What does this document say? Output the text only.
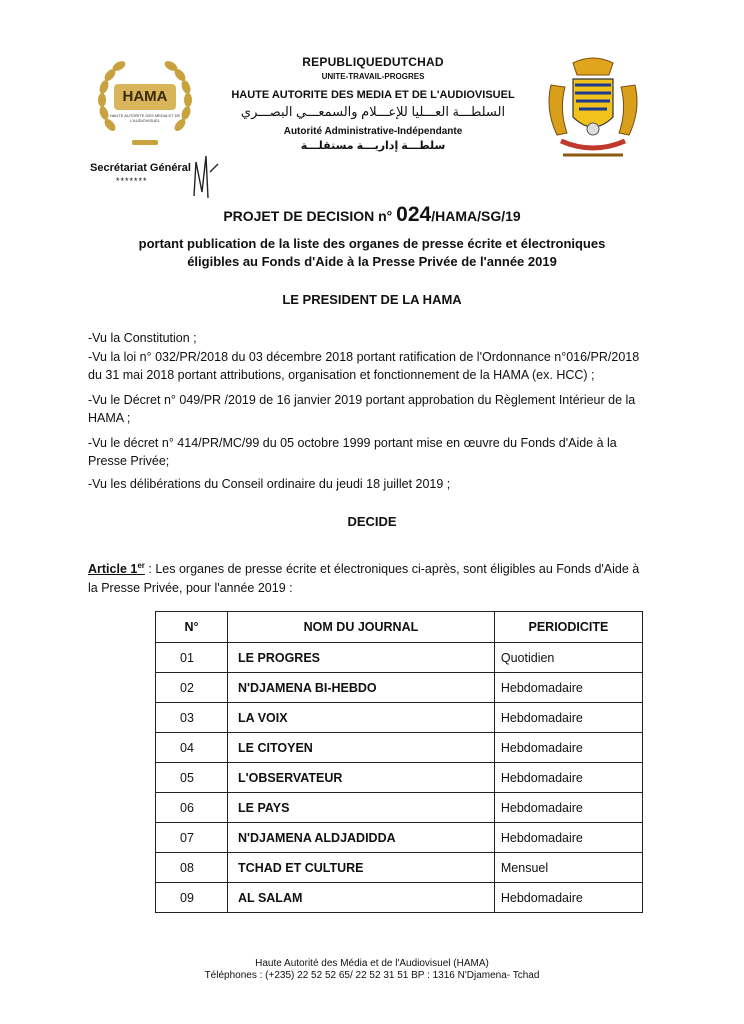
HAMA
HAUTE AUTORITE DES MEDIA ET DE L'AUDIOVISUEL
REPUBLIQUEDUTCHAD
UNITE-TRAVAIL-PROGRES
HAUTE AUTORITE DES MEDIA ET DE L'AUDIOVISUEL
السلطـــة العـــليا للإعـــلام والسمعـــي البصـــري
Autorité Administrative-Indépendante
سلطـــة إداريـــة مستقلـــة
Secrétariat Général
*******
PROJET DE DECISION n° 024/HAMA/SG/19
portant publication de la liste des organes de presse écrite et électroniques
éligibles au Fonds d'Aide à la Presse Privée de l'année 2019
LE PRESIDENT DE LA HAMA
-Vu la Constitution ;
-Vu la loi n° 032/PR/2018 du 03 décembre 2018 portant ratification de l'Ordonnance n°016/PR/2018 du 31 mai 2018 portant attributions, organisation et fonctionnement de la HAMA (ex. HCC) ;
-Vu le Décret n° 049/PR /2019 de 16 janvier 2019 portant approbation du Règlement Intérieur de la HAMA ;
-Vu le décret n° 414/PR/MC/99 du 05 octobre 1999 portant mise en œuvre du Fonds d'Aide à la Presse Privée;
-Vu les délibérations du Conseil ordinaire du jeudi 18 juillet 2019 ;
DECIDE
Article 1er : Les organes de presse écrite et électroniques ci-après, sont éligibles au Fonds d'Aide à la Presse Privée, pour l'année 2019 :
N°	NOM DU JOURNAL	PERIODICITE
01	LE PROGRES	Quotidien
02	N'DJAMENA BI-HEBDO	Hebdomadaire
03	LA VOIX	Hebdomadaire
04	LE CITOYEN	Hebdomadaire
05	L'OBSERVATEUR	Hebdomadaire
06	LE PAYS	Hebdomadaire
07	N'DJAMENA ALDJADIDDA	Hebdomadaire
08	TCHAD ET CULTURE	Mensuel
09	AL SALAM	Hebdomadaire
Haute Autorité des Média et de l'Audiovisuel (HAMA)
Téléphones : (+235) 22 52 52 65/ 22 52 31 51 BP : 1316 N'Djamena- Tchad
